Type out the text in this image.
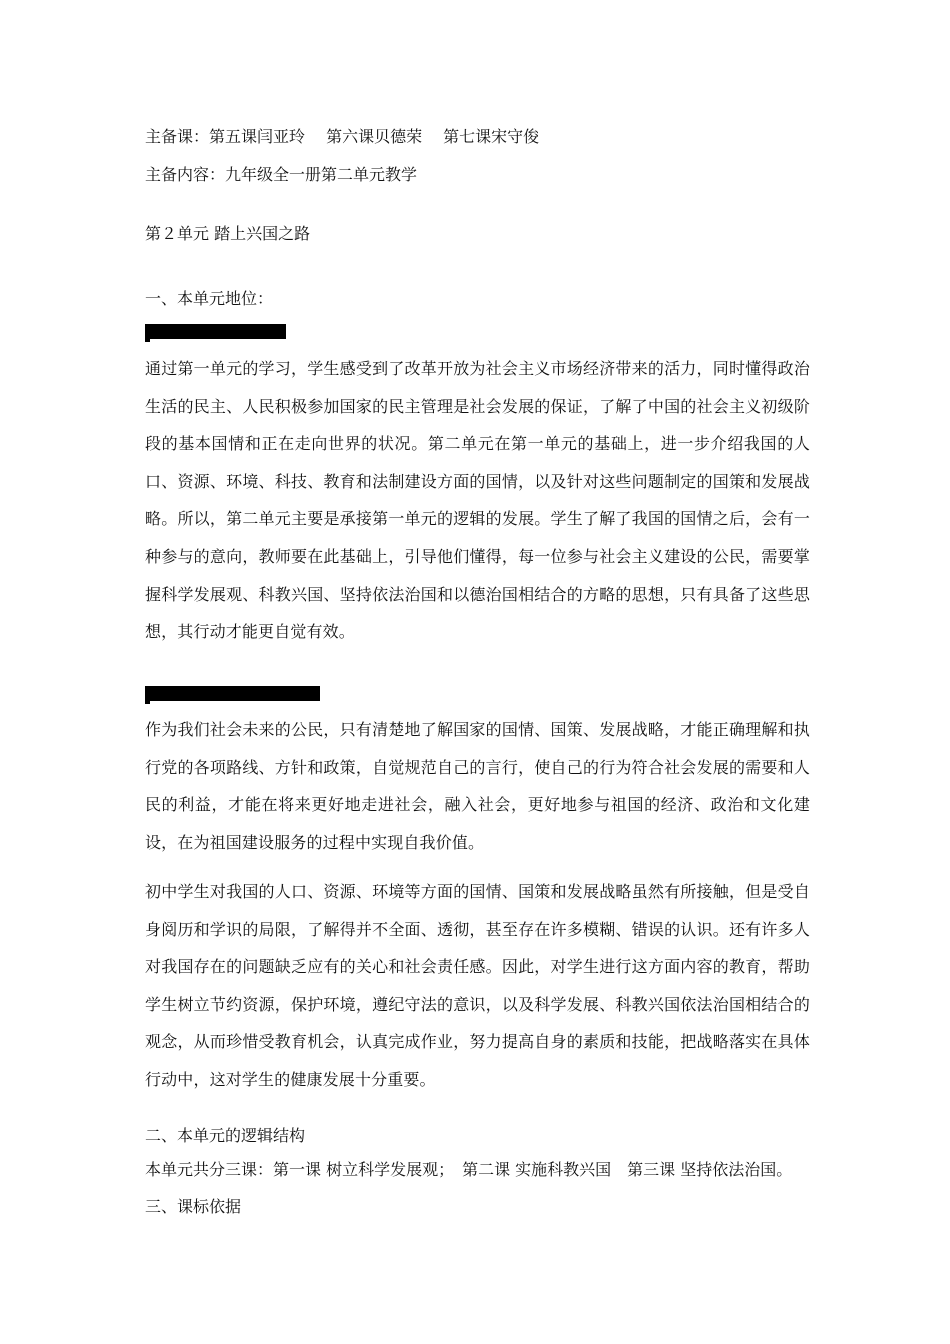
主备课：第五课闫亚玲　 第六课贝德荣　 第七课宋守俊
主备内容：九年级全一册第二单元教学
第２单元 踏上兴国之路
一、本单元地位：
通过第一单元的学习，学生感受到了改革开放为社会主义市场经济带来的活力，同时懂得政治生活的民主、人民积极参加国家的民主管理是社会发展的保证，了解了中国的社会主义初级阶段的基本国情和正在走向世界的状况。第二单元在第一单元的基础上，进一步介绍我国的人口、资源、环境、科技、教育和法制建设方面的国情，以及针对这些问题制定的国策和发展战略。所以，第二单元主要是承接第一单元的逻辑的发展。学生了解了我国的国情之后，会有一种参与的意向，教师要在此基础上，引导他们懂得，每一位参与社会主义建设的公民，需要掌握科学发展观、科教兴国、坚持依法治国和以德治国相结合的方略的思想，只有具备了这些思想，其行动才能更自觉有效。
作为我们社会未来的公民，只有清楚地了解国家的国情、国策、发展战略，才能正确理解和执行党的各项路线、方针和政策，自觉规范自己的言行，使自己的行为符合社会发展的需要和人民的利益，才能在将来更好地走进社会，融入社会，更好地参与祖国的经济、政治和文化建设，在为祖国建设服务的过程中实现自我价值。
初中学生对我国的人口、资源、环境等方面的国情、国策和发展战略虽然有所接触，但是受自身阅历和学识的局限，了解得并不全面、透彻，甚至存在许多模糊、错误的认识。还有许多人对我国存在的问题缺乏应有的关心和社会责任感。因此，对学生进行这方面内容的教育，帮助学生树立节约资源，保护环境，遵纪守法的意识，以及科学发展、科教兴国依法治国相结合的观念，从而珍惜受教育机会，认真完成作业，努力提高自身的素质和技能，把战略落实在具体行动中，这对学生的健康发展十分重要。
二、本单元的逻辑结构
本单元共分三课：第一课 树立科学发展观；　第二课 实施科教兴国　第三课 坚持依法治国。
三、课标依据
